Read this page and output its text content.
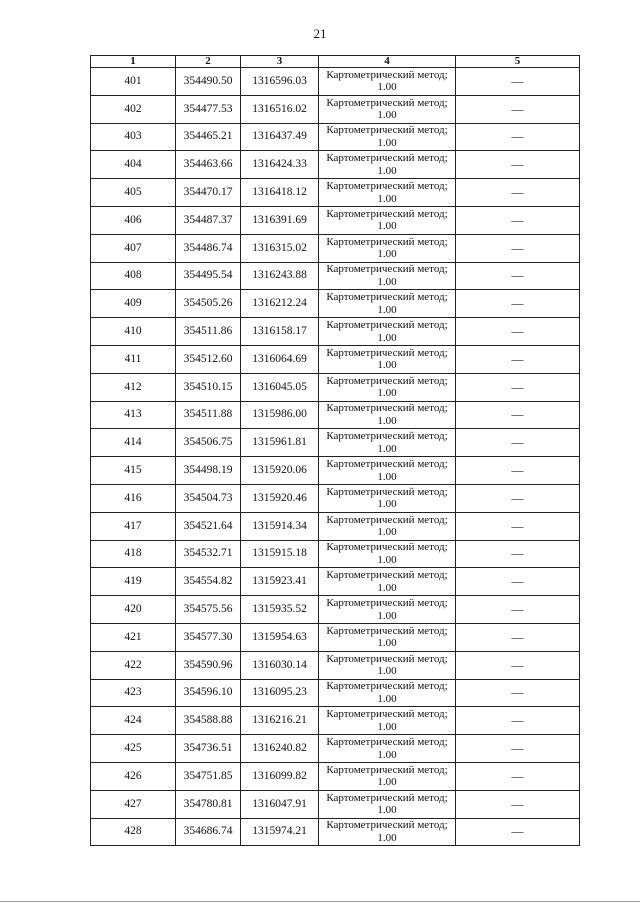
21
1	2	3	4	5
401	354490.50	1316596.03	Картометрический метод; 1.00	—
402	354477.53	1316516.02	Картометрический метод; 1.00	—
403	354465.21	1316437.49	Картометрический метод; 1.00	—
404	354463.66	1316424.33	Картометрический метод; 1.00	—
405	354470.17	1316418.12	Картометрический метод; 1.00	—
406	354487.37	1316391.69	Картометрический метод; 1.00	—
407	354486.74	1316315.02	Картометрический метод; 1.00	—
408	354495.54	1316243.88	Картометрический метод; 1.00	—
409	354505.26	1316212.24	Картометрический метод; 1.00	—
410	354511.86	1316158.17	Картометрический метод; 1.00	—
411	354512.60	1316064.69	Картометрический метод; 1.00	—
412	354510.15	1316045.05	Картометрический метод; 1.00	—
413	354511.88	1315986.00	Картометрический метод; 1.00	—
414	354506.75	1315961.81	Картометрический метод; 1.00	—
415	354498.19	1315920.06	Картометрический метод; 1.00	—
416	354504.73	1315920.46	Картометрический метод; 1.00	—
417	354521.64	1315914.34	Картометрический метод; 1.00	—
418	354532.71	1315915.18	Картометрический метод; 1.00	—
419	354554.82	1315923.41	Картометрический метод; 1.00	—
420	354575.56	1315935.52	Картометрический метод; 1.00	—
421	354577.30	1315954.63	Картометрический метод; 1.00	—
422	354590.96	1316030.14	Картометрический метод; 1.00	—
423	354596.10	1316095.23	Картометрический метод; 1.00	—
424	354588.88	1316216.21	Картометрический метод; 1.00	—
425	354736.51	1316240.82	Картометрический метод; 1.00	—
426	354751.85	1316099.82	Картометрический метод; 1.00	—
427	354780.81	1316047.91	Картометрический метод; 1.00	—
428	354686.74	1315974.21	Картометрический метод; 1.00	—
